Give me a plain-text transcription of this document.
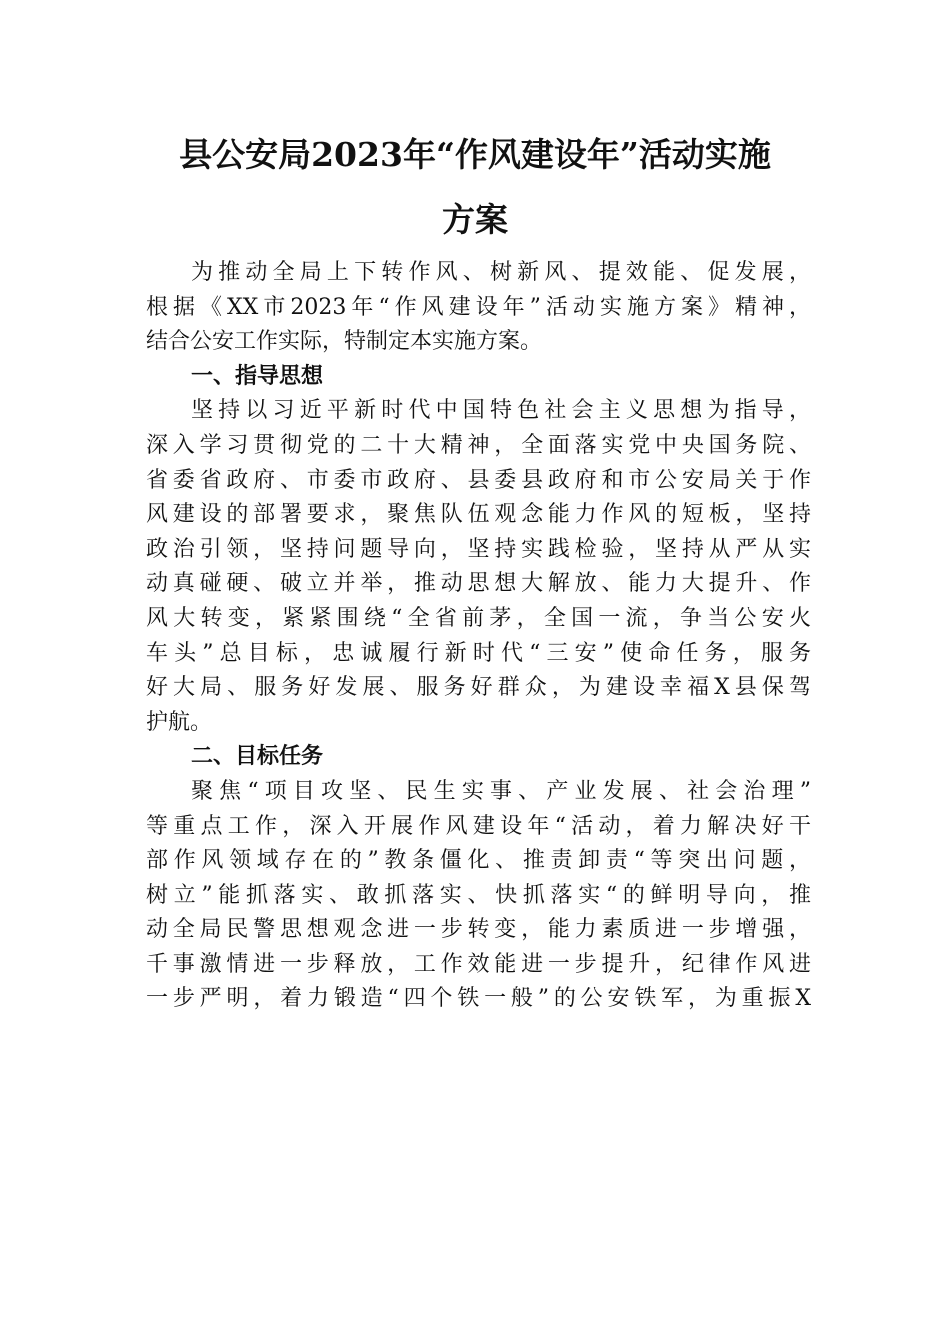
县公安局2023年“作风建设年”活动实施
方案
为推动全局上下转作风、树新风、提效能、促发展，
根据《XX市2023年“作风建设年”活动实施方案》精神，
结合公安工作实际，特制定本实施方案。
一、指导思想
坚持以习近平新时代中国特色社会主义思想为指导，
深入学习贯彻党的二十大精神，全面落实党中央国务院、
省委省政府、市委市政府、县委县政府和市公安局关于作
风建设的部署要求，聚焦队伍观念能力作风的短板，坚持
政治引领，坚持问题导向，坚持实践检验，坚持从严从实
动真碰硬、破立并举，推动思想大解放、能力大提升、作
风大转变，紧紧围绕“全省前茅，全国一流，争当公安火
车头”总目标，忠诚履行新时代“三安”使命任务，服务
好大局、服务好发展、服务好群众，为建设幸福X县保驾
护航。
二、目标任务
聚焦“项目攻坚、民生实事、产业发展、社会治理”
等重点工作，深入开展作风建设年“活动，着力解决好干
部作风领域存在的”教条僵化、推责卸责“等突出问题，
树立”能抓落实、敢抓落实、快抓落实“的鲜明导向，推
动全局民警思想观念进一步转变，能力素质进一步增强，
千事激情进一步释放，工作效能进一步提升，纪律作风进
一步严明，着力锻造“四个铁一般”的公安铁军，为重振X
